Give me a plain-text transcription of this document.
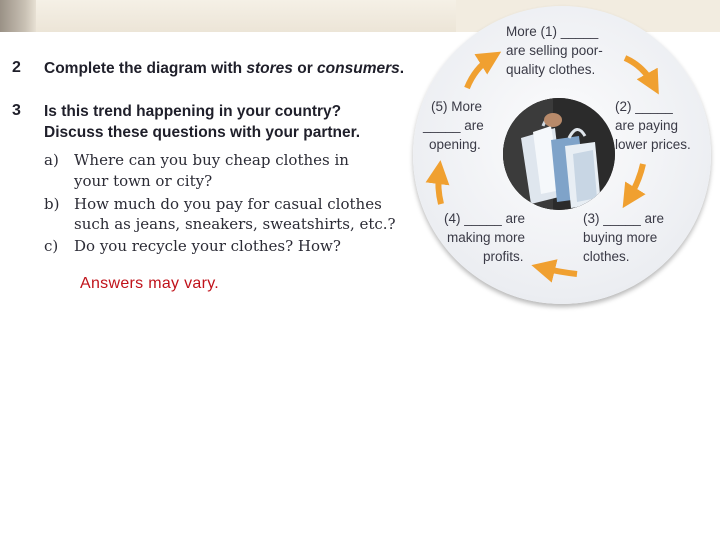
2 Complete the diagram with stores or consumers.
3 Is this trend happening in your country?
Discuss these questions with your partner.
a) Where can you buy cheap clothes in
your town or city?
b) How much do you pay for casual clothes
such as jeans, sneakers, sweatshirts, etc.?
c) Do you recycle your clothes? How?
Answers may vary.
More (1) _____
are selling poor-
quality clothes.
(2) _____
are paying
lower prices.
(3) _____ are
buying more
clothes.
(4) _____ are
making more
profits.
(5) More
_____ are
opening.
